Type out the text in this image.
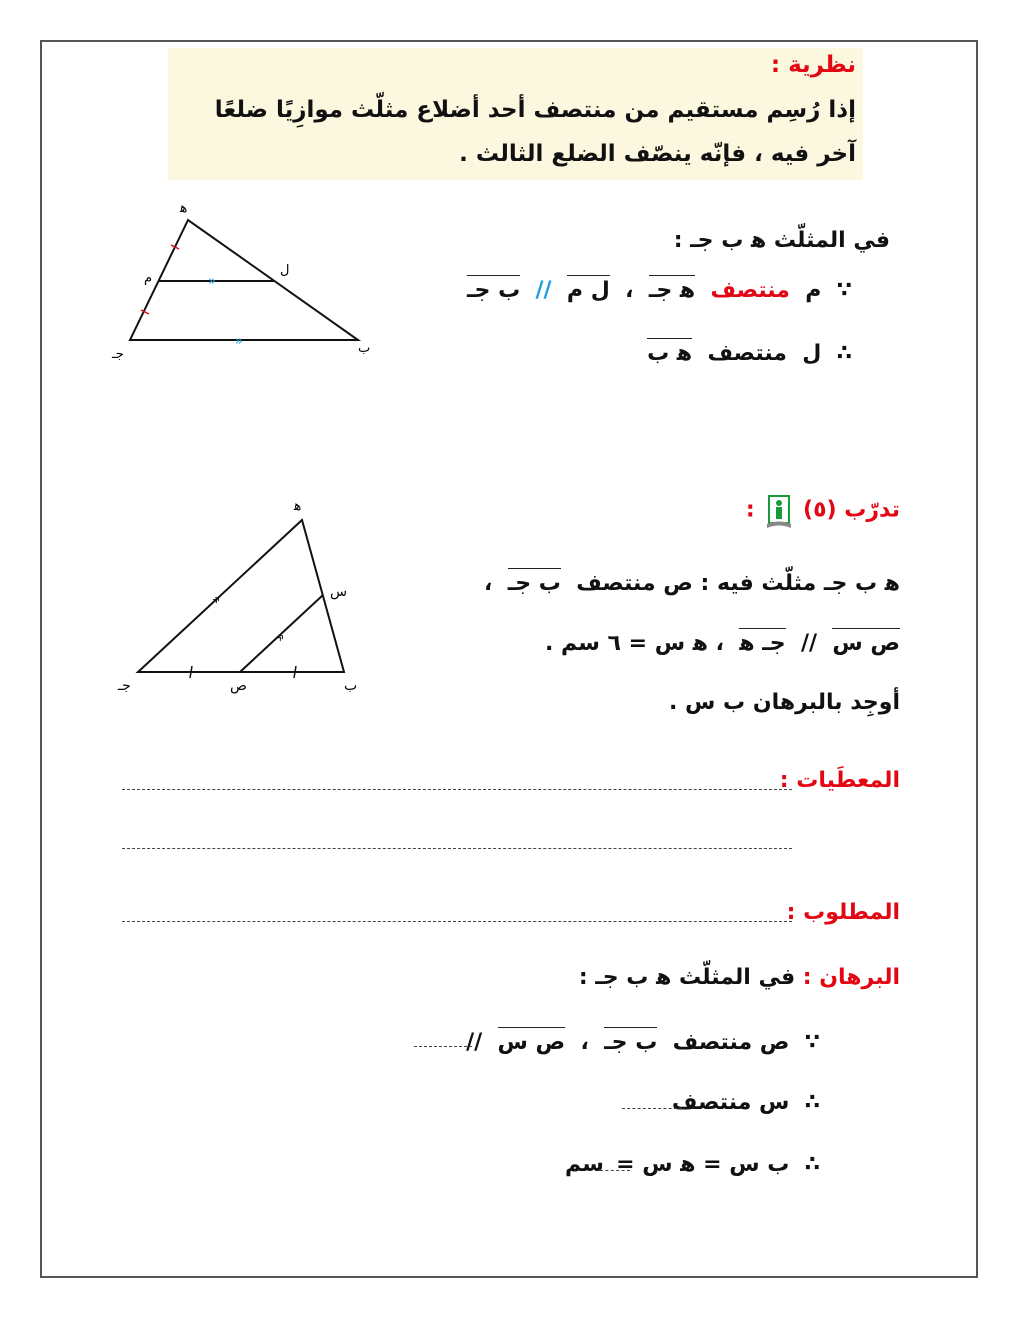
نظرية :
إذا رُسِم مستقيم من منتصف أحد أضلاع مثلّث موازِيًا ضلعًا آخر فيه ، فإنّه ينصّف الضلع الثالث .
»
»
ﻫ
م
ل
جـ	ب
في المثلّث ﻫ ب جـ :
∵  م  منتصف  ﻫ جـ  ،  ل م  //  ب جـ
∴  ل  منتصف  ﻫ ب
»
»
ﻫ
س
جـ	ص	ب
تدرّب (٥)    :
ﻫ ب جـ مثلّث فيه : ص منتصف  ب جـ  ،
ص س  //  جـ ﻫ  ، ﻫ س = ٦ سم .
أوجِد بالبرهان ب س .
المعطَيات :
المطلوب :
البرهان : في المثلّث ﻫ ب جـ :
∵  ص منتصف  ب جـ  ،  ص س  //
∴  س منتصف
∴  ب س = ﻫ س =
سم
